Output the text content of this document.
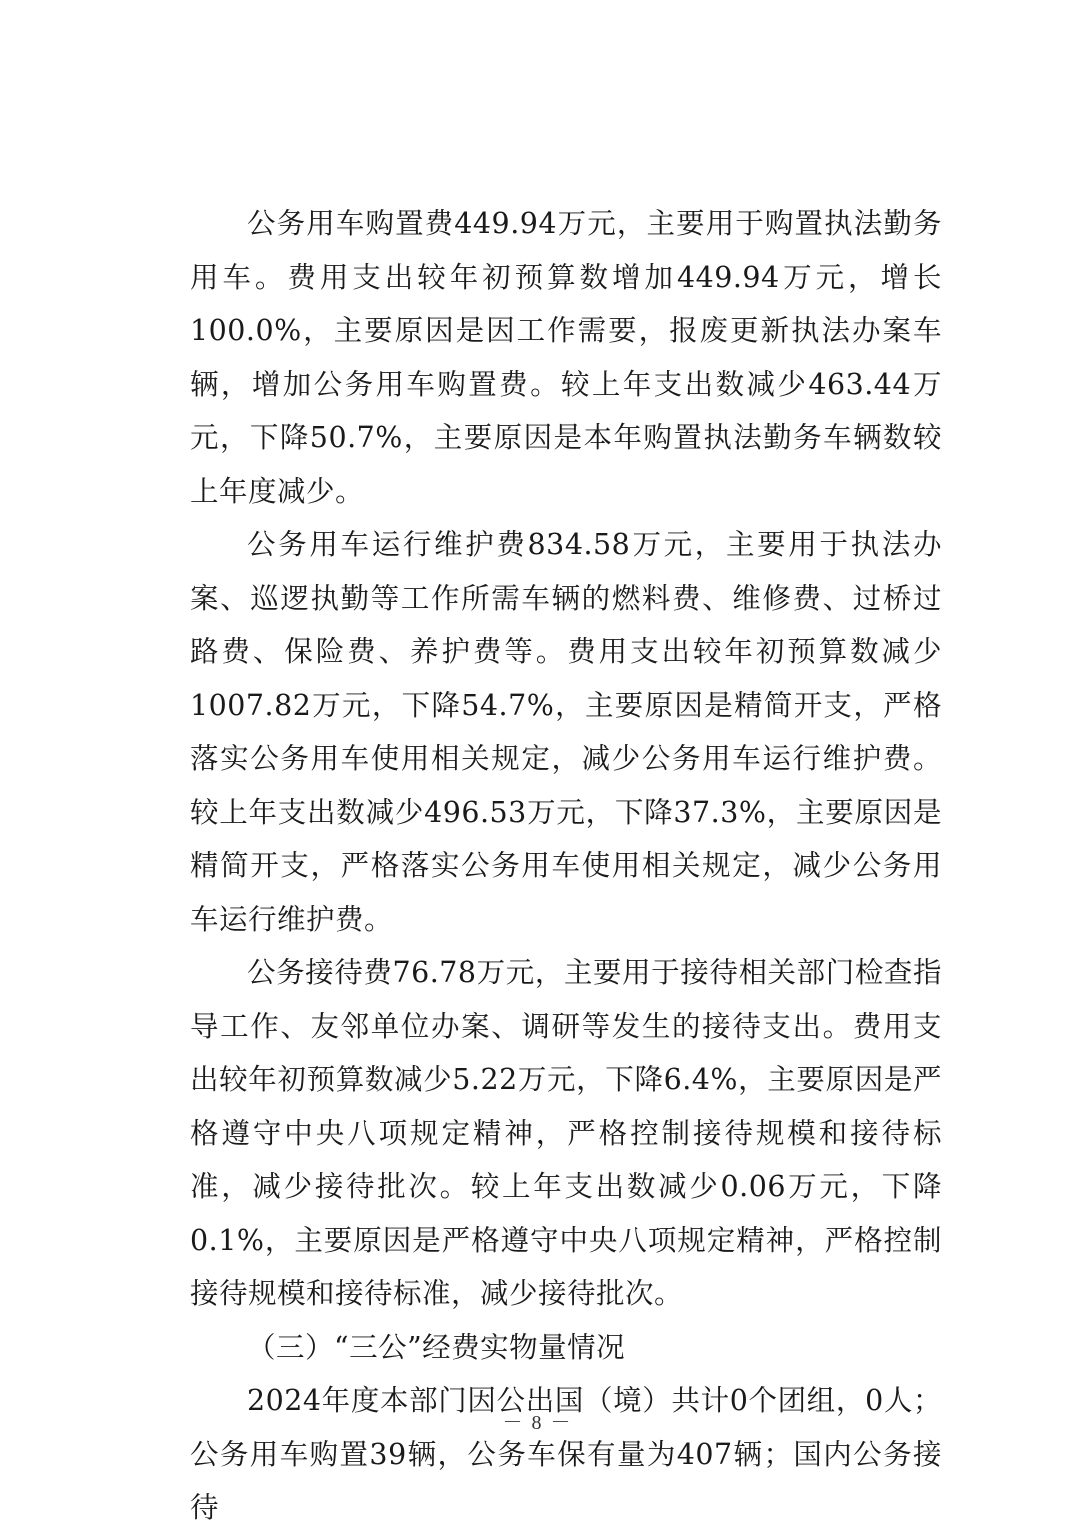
公务用车购置费449.94万元，主要用于购置执法勤务用车。费用支出较年初预算数增加449.94万元，增长100.0%，主要原因是因工作需要，报废更新执法办案车辆，增加公务用车购置费。较上年支出数减少463.44万元，下降50.7%，主要原因是本年购置执法勤务车辆数较上年度减少。

公务用车运行维护费834.58万元，主要用于执法办案、巡逻执勤等工作所需车辆的燃料费、维修费、过桥过路费、保险费、养护费等。费用支出较年初预算数减少1007.82万元，下降54.7%，主要原因是精简开支，严格落实公务用车使用相关规定，减少公务用车运行维护费。较上年支出数减少496.53万元，下降37.3%，主要原因是精简开支，严格落实公务用车使用相关规定，减少公务用车运行维护费。

公务接待费76.78万元，主要用于接待相关部门检查指导工作、友邻单位办案、调研等发生的接待支出。费用支出较年初预算数减少5.22万元，下降6.4%，主要原因是严格遵守中央八项规定精神，严格控制接待规模和接待标准，减少接待批次。较上年支出数减少0.06万元，下降0.1%，主要原因是严格遵守中央八项规定精神，严格控制接待规模和接待标准，减少接待批次。

（三）“三公”经费实物量情况

2024年度本部门因公出国（境）共计0个团组，0人；公务用车购置39辆，公务车保有量为407辆；国内公务接待

－ 8 －
